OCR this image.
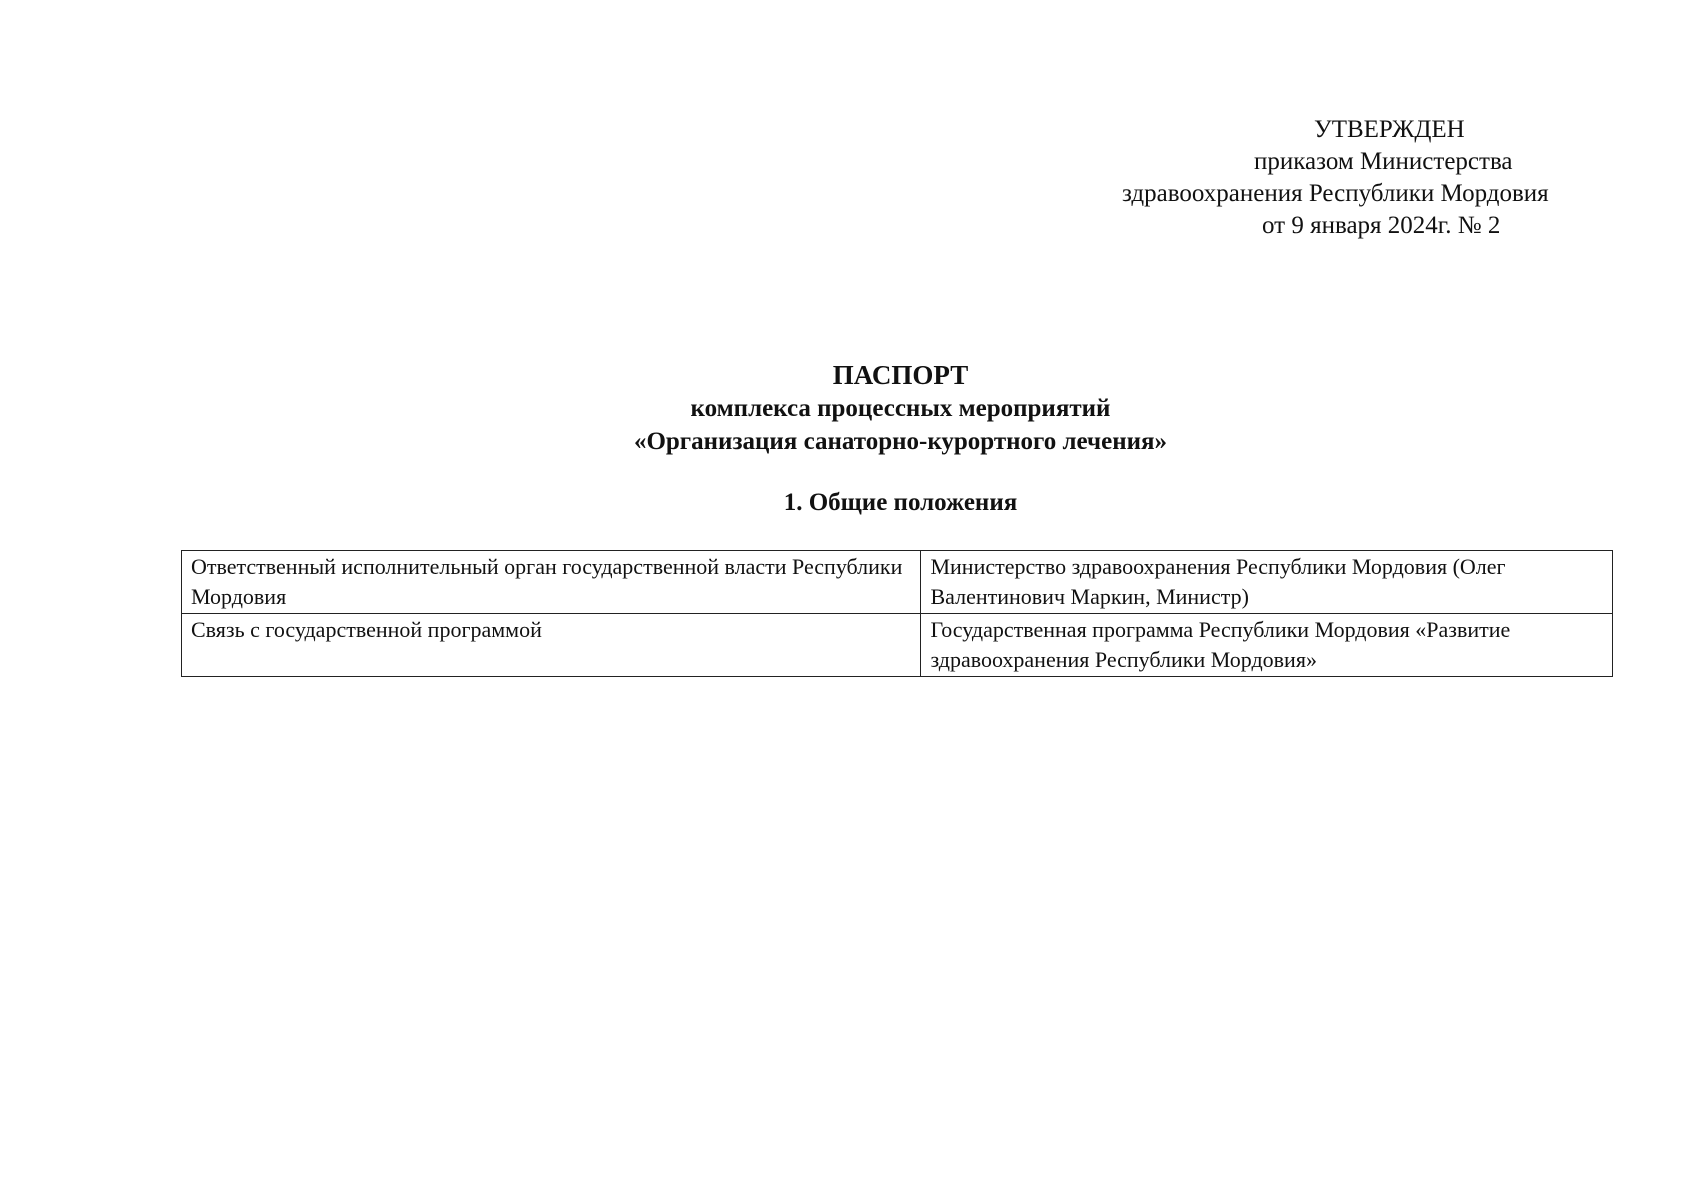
УТВЕРЖДЕН
приказом Министерства
здравоохранения Республики Мордовия
от 9 января 2024г. № 2
ПАСПОРТ
комплекса процессных мероприятий
«Организация санаторно-курортного лечения»
1. Общие положения
Ответственный исполнительный орган государственной власти Республики Мордовия	Министерство здравоохранения Республики Мордовия (Олег Валентинович Маркин, Министр)
Связь с государственной программой	Государственная программа Республики Мордовия «Развитие здравоохранения Республики Мордовия»
